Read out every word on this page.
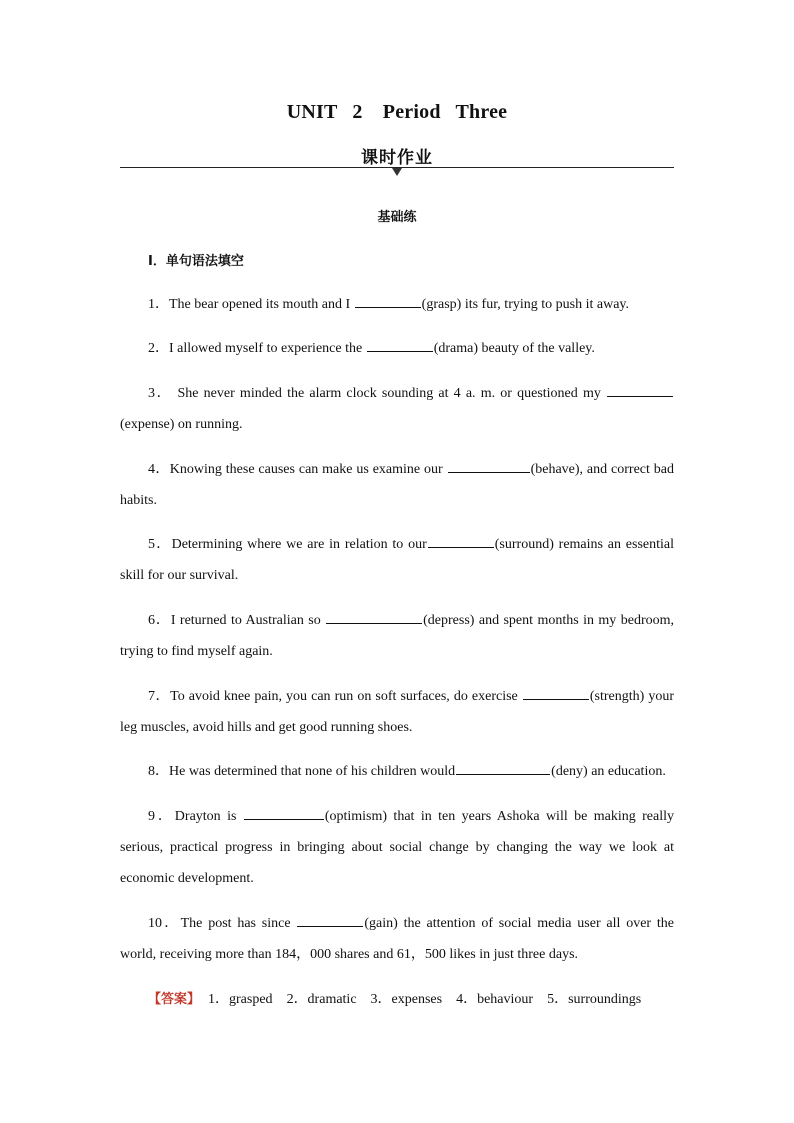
UNIT 2　Period Three
课时作业
基础练
Ⅰ．单句语法填空
1．The bear opened its mouth and I	(grasp) its fur, trying to push it away.
2．I allowed myself to experience the	(drama) beauty of the valley.
3． She never minded the alarm clock sounding at 4 a. m. or questioned my (expense) on running.
4．Knowing these causes can make us examine our	(behave), and correct bad habits.
5．Determining where we are in relation to our	(surround) remains an essential skill for our survival.
6．I returned to Australian so	(depress) and spent months in my bedroom, trying to find myself again.
7．To avoid knee pain, you can run on soft surfaces, do exercise	(strength) your leg muscles, avoid hills and get good running shoes.
8．He was determined that none of his children would	(deny) an education.
9．Drayton is	(optimism) that in ten years Ashoka will be making really serious, practical progress in bringing about social change by changing the way we look at economic development.
10．The post has since	(gain) the attention of social media user all over the world, receiving more than 184，000 shares and 61，500 likes in just three days.
【答案】 1．grasped 2．dramatic 3．expenses 4．behaviour 5．surroundings
